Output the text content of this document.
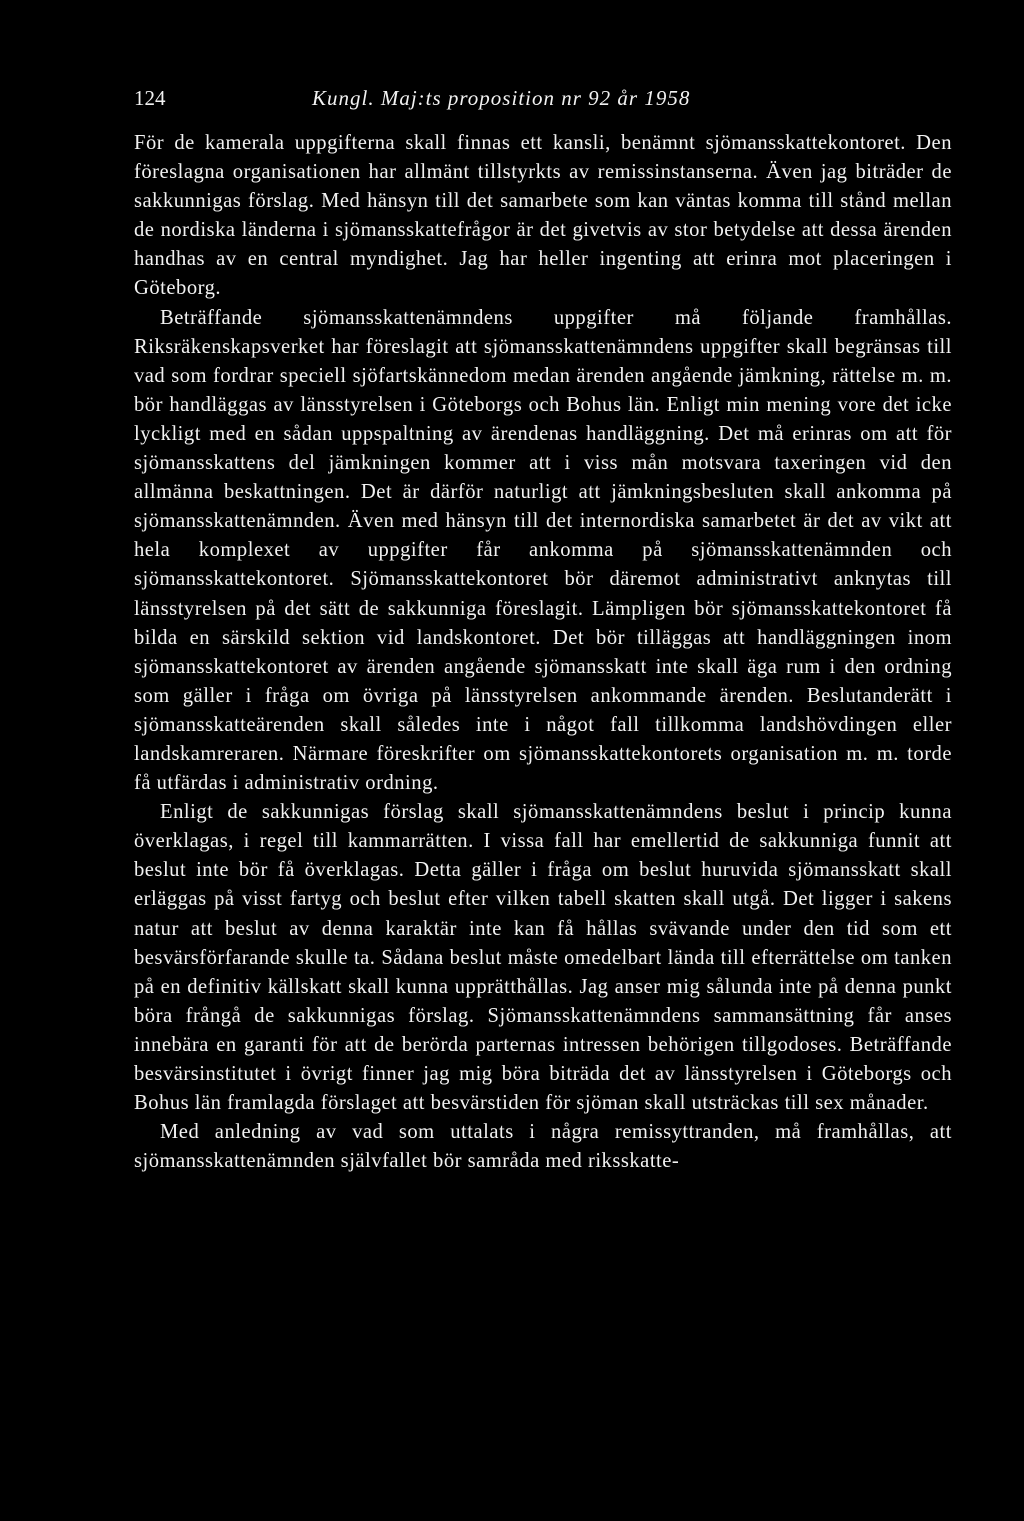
124	Kungl. Maj:ts proposition nr 92 år 1958

För de kamerala uppgifterna skall finnas ett kansli, benämnt sjömansskattekontoret. Den föreslagna organisationen har allmänt tillstyrkts av remissinstanserna. Även jag biträder de sakkunnigas förslag. Med hänsyn till det samarbete som kan väntas komma till stånd mellan de nordiska länderna i sjömansskattefrågor är det givetvis av stor betydelse att dessa ärenden handhas av en central myndighet. Jag har heller ingenting att erinra mot placeringen i Göteborg.

Beträffande sjömansskattenämndens uppgifter må följande framhållas. Riksräkenskapsverket har föreslagit att sjömansskattenämndens uppgifter skall begränsas till vad som fordrar speciell sjöfartskännedom medan ärenden angående jämkning, rättelse m. m. bör handläggas av länsstyrelsen i Göteborgs och Bohus län. Enligt min mening vore det icke lyckligt med en sådan uppspaltning av ärendenas handläggning. Det må erinras om att för sjömansskattens del jämkningen kommer att i viss mån motsvara taxeringen vid den allmänna beskattningen. Det är därför naturligt att jämkningsbesluten skall ankomma på sjömansskattenämnden. Även med hänsyn till det internordiska samarbetet är det av vikt att hela komplexet av uppgifter får ankomma på sjömansskattenämnden och sjömansskattekontoret. Sjömansskattekontoret bör däremot administrativt anknytas till länsstyrelsen på det sätt de sakkunniga föreslagit. Lämpligen bör sjömansskattekontoret få bilda en särskild sektion vid landskontoret. Det bör tilläggas att handläggningen inom sjömansskattekontoret av ärenden angående sjömansskatt inte skall äga rum i den ordning som gäller i fråga om övriga på länsstyrelsen ankommande ärenden. Beslutanderätt i sjömansskatteärenden skall således inte i något fall tillkomma landshövdingen eller landskamreraren. Närmare föreskrifter om sjömansskattekontorets organisation m. m. torde få utfärdas i administrativ ordning.

Enligt de sakkunnigas förslag skall sjömansskattenämndens beslut i princip kunna överklagas, i regel till kammarrätten. I vissa fall har emellertid de sakkunniga funnit att beslut inte bör få överklagas. Detta gäller i fråga om beslut huruvida sjömansskatt skall erläggas på visst fartyg och beslut efter vilken tabell skatten skall utgå. Det ligger i sakens natur att beslut av denna karaktär inte kan få hållas svävande under den tid som ett besvärsförfarande skulle ta. Sådana beslut måste omedelbart lända till efterrättelse om tanken på en definitiv källskatt skall kunna upprätthållas. Jag anser mig sålunda inte på denna punkt böra frångå de sakkunnigas förslag. Sjömansskattenämndens sammansättning får anses innebära en garanti för att de berörda parternas intressen behörigen tillgodoses. Beträffande besvärsinstitutet i övrigt finner jag mig böra biträda det av länsstyrelsen i Göteborgs och Bohus län framlagda förslaget att besvärstiden för sjöman skall utsträckas till sex månader.

Med anledning av vad som uttalats i några remissyttranden, må framhållas, att sjömansskattenämnden självfallet bör samråda med riksskatte-
